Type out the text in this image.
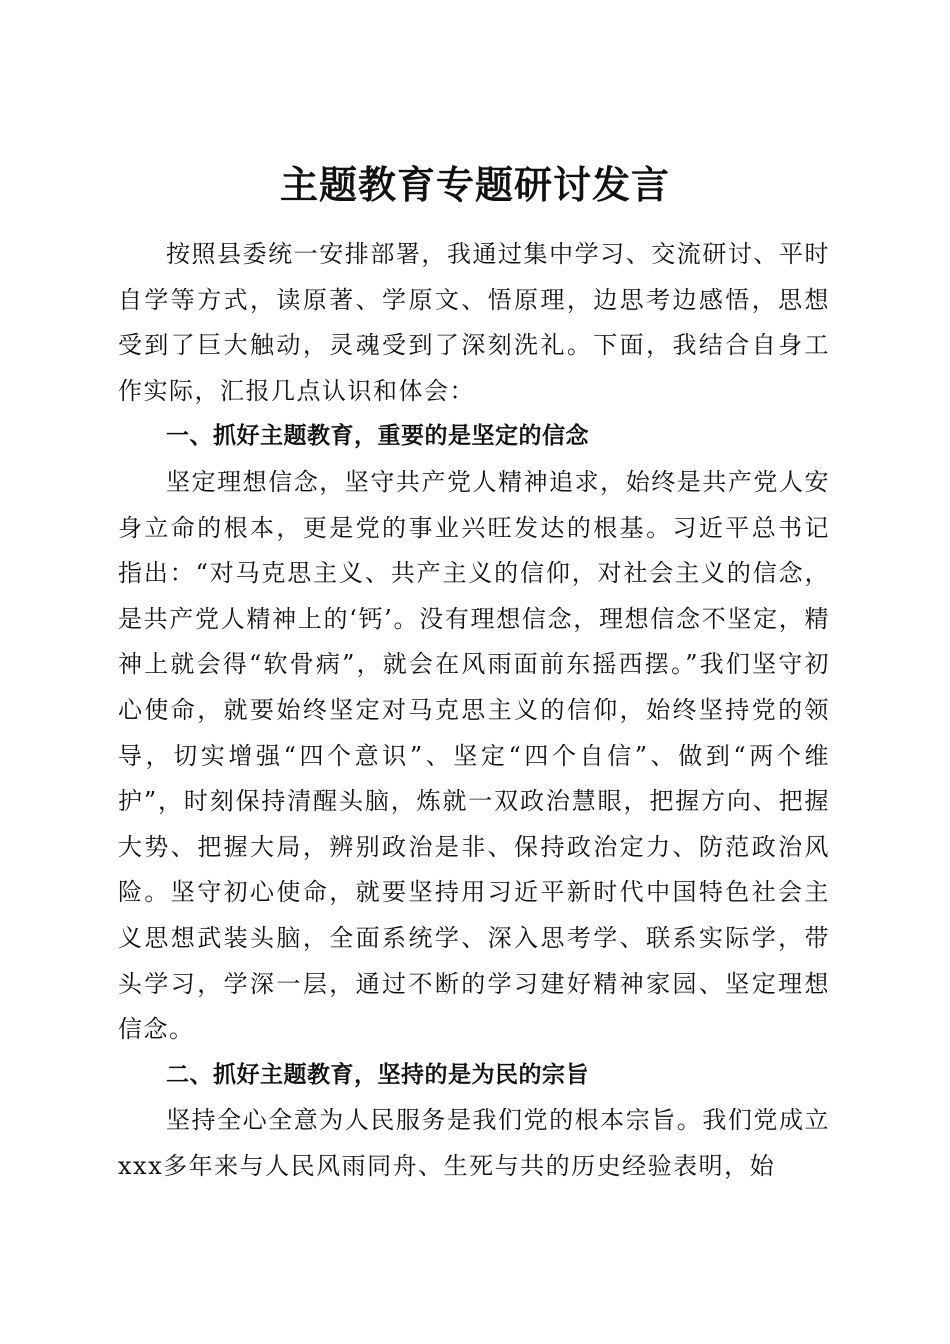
主题教育专题研讨发言

按照县委统一安排部署，我通过集中学习、交流研讨、平时自学等方式，读原著、学原文、悟原理，边思考边感悟，思想受到了巨大触动，灵魂受到了深刻洗礼。下面，我结合自身工作实际，汇报几点认识和体会：

一、抓好主题教育，重要的是坚定的信念

坚定理想信念，坚守共产党人精神追求，始终是共产党人安身立命的根本，更是党的事业兴旺发达的根基。习近平总书记指出：“对马克思主义、共产主义的信仰，对社会主义的信念，是共产党人精神上的‘钙’。没有理想信念，理想信念不坚定，精神上就会得“软骨病”，就会在风雨面前东摇西摆。”我们坚守初心使命，就要始终坚定对马克思主义的信仰，始终坚持党的领导，切实增强“四个意识”、坚定“四个自信”、做到“两个维护”，时刻保持清醒头脑，炼就一双政治慧眼，把握方向、把握大势、把握大局，辨别政治是非、保持政治定力、防范政治风险。坚守初心使命，就要坚持用习近平新时代中国特色社会主义思想武装头脑，全面系统学、深入思考学、联系实际学，带头学习，学深一层，通过不断的学习建好精神家园、坚定理想信念。

二、抓好主题教育，坚持的是为民的宗旨

坚持全心全意为人民服务是我们党的根本宗旨。我们党成立xxx多年来与人民风雨同舟、生死与共的历史经验表明，始
